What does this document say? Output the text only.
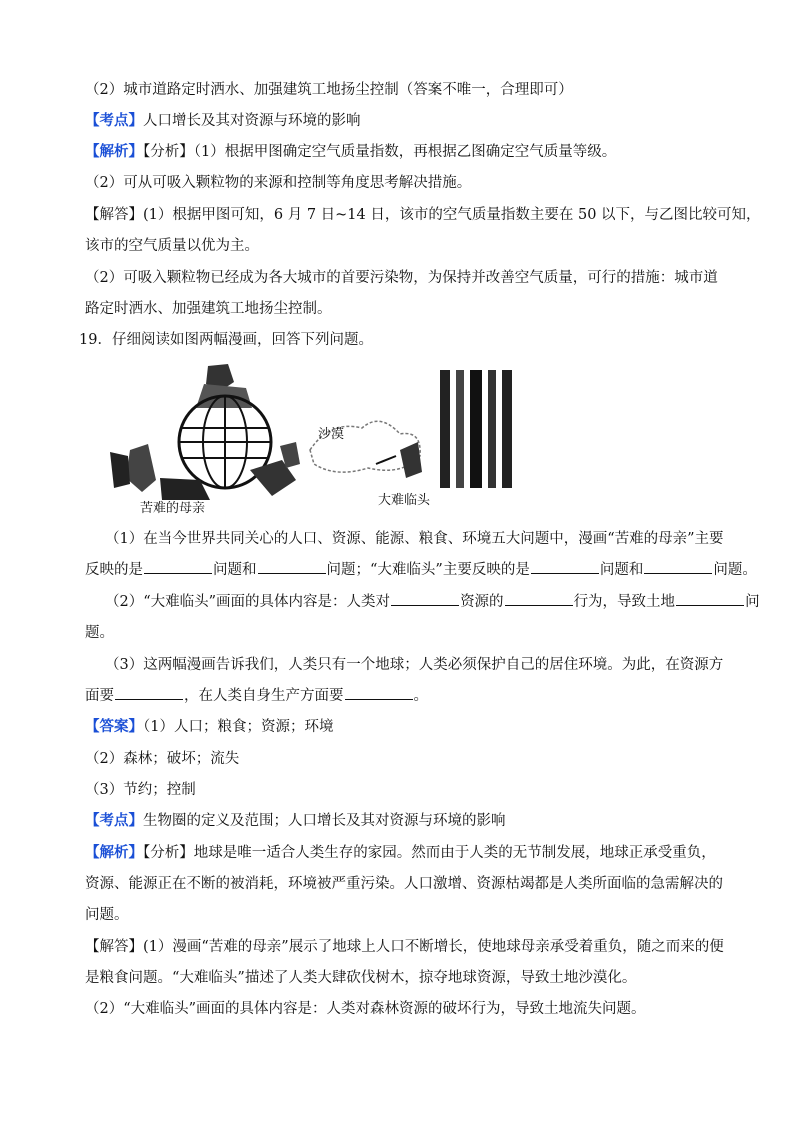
（2）城市道路定时洒水、加强建筑工地扬尘控制（答案不唯一，合理即可）
【考点】人口增长及其对资源与环境的影响
【解析】【分析】（1）根据甲图确定空气质量指数，再根据乙图确定空气质量等级。
（2）可从可吸入颗粒物的来源和控制等角度思考解决措施。
【解答】(1）根据甲图可知，6 月 7 日~14 日，该市的空气质量指数主要在 50 以下，与乙图比较可知，
该市的空气质量以优为主。
（2）可吸入颗粒物已经成为各大城市的首要污染物，为保持并改善空气质量，可行的措施：城市道
路定时洒水、加强建筑工地扬尘控制。
19．仔细阅读如图两幅漫画，回答下列问题。
苦难的母亲
沙漠
大难临头
（1）在当今世界共同关心的人口、资源、能源、粮食、环境五大问题中，漫画“苦难的母亲”主要
反映的是	问题和	问题；“大难临头”主要反映的是	问题和	问题。
（2）“大难临头”画面的具体内容是：人类对	资源的	行为，导致土地	问
题。
（3）这两幅漫画告诉我们，人类只有一个地球；人类必须保护自己的居住环境。为此，在资源方
面要	，在人类自身生产方面要	。
【答案】（1）人口；粮食；资源；环境
（2）森林；破坏；流失
（3）节约；控制
【考点】生物圈的定义及范围；人口增长及其对资源与环境的影响
【解析】【分析】地球是唯一适合人类生存的家园。然而由于人类的无节制发展，地球正承受重负，
资源、能源正在不断的被消耗，环境被严重污染。人口激增、资源枯竭都是人类所面临的急需解决的
问题。
【解答】(1）漫画“苦难的母亲”展示了地球上人口不断增长，使地球母亲承受着重负，随之而来的便
是粮食问题。“大难临头”描述了人类大肆砍伐树木，掠夺地球资源，导致土地沙漠化。
（2）“大难临头”画面的具体内容是：人类对森林资源的破坏行为，导致土地流失问题。
